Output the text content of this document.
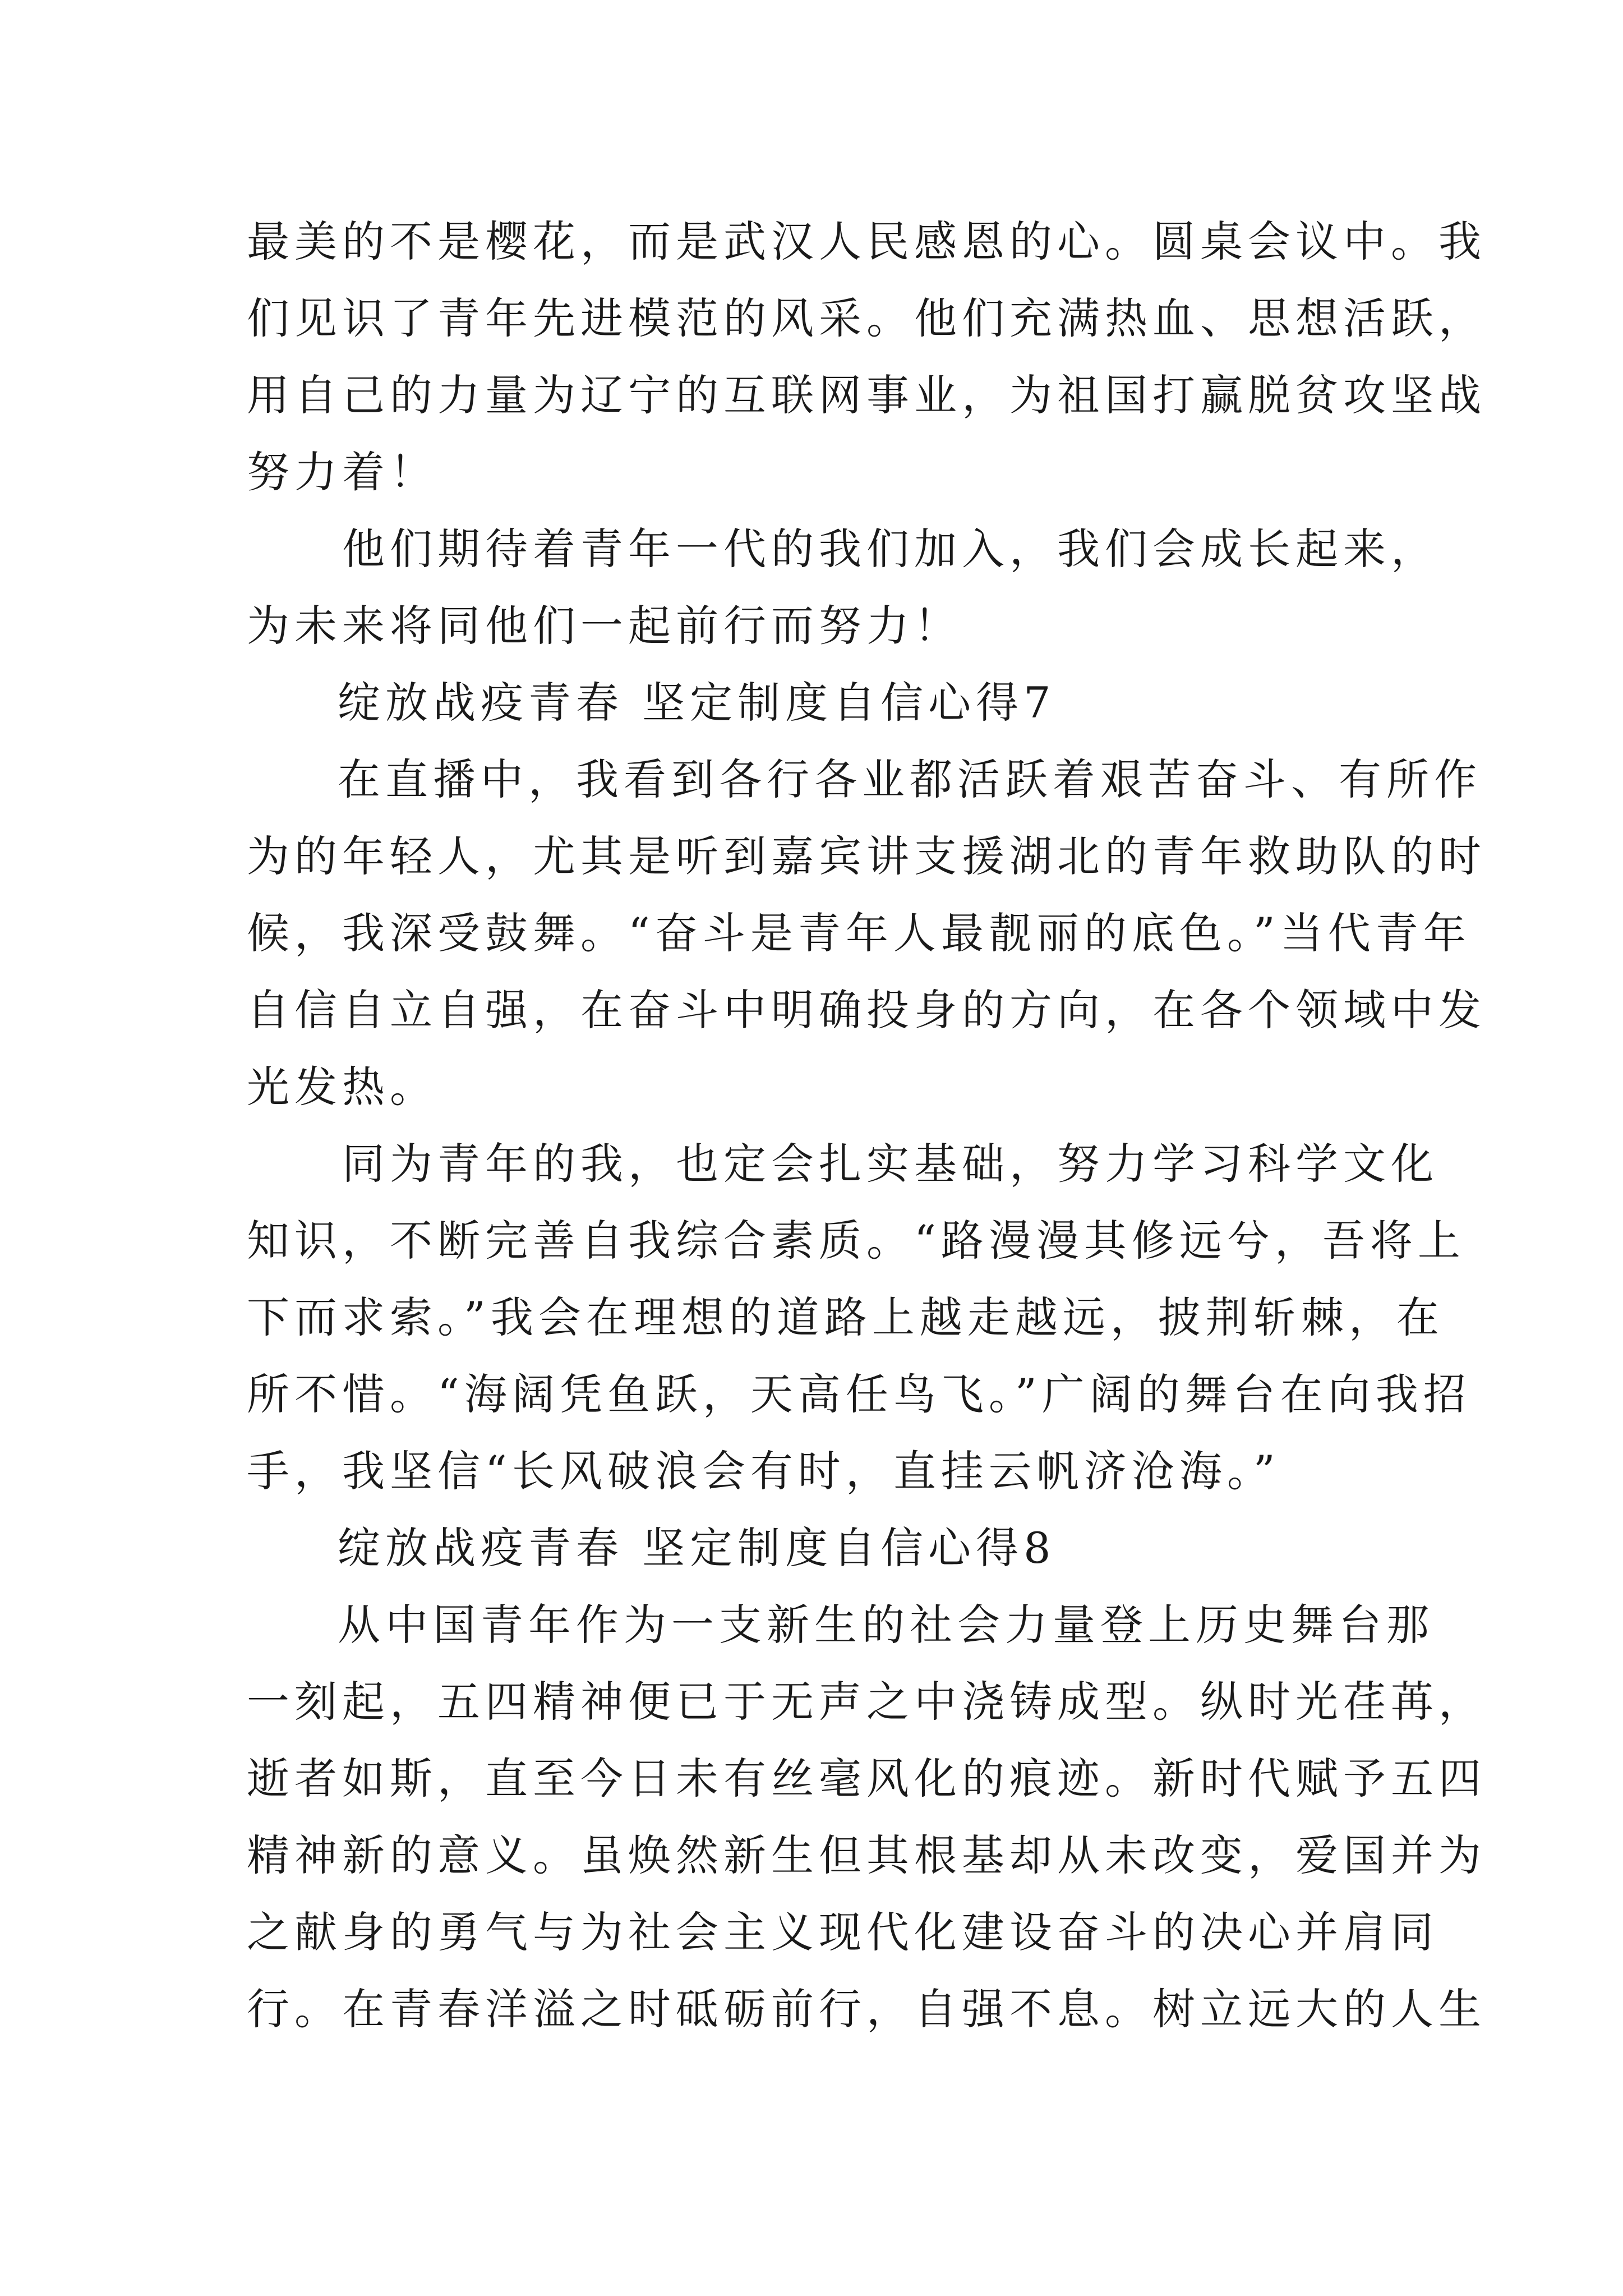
最美的不是樱花，而是武汉人民感恩的心。圆桌会议中。我
们见识了青年先进模范的风采。他们充满热血、思想活跃，
用自己的力量为辽宁的互联网事业，为祖国打赢脱贫攻坚战
努力着！
他们期待着青年一代的我们加入，我们会成长起来，
为未来将同他们一起前行而努力！
绽放战疫青春 坚定制度自信心得7
在直播中，我看到各行各业都活跃着艰苦奋斗、有所作
为的年轻人，尤其是听到嘉宾讲支援湖北的青年救助队的时
候，我深受鼓舞。“奋斗是青年人最靓丽的底色。”当代青年
自信自立自强，在奋斗中明确投身的方向，在各个领域中发
光发热。
同为青年的我，也定会扎实基础，努力学习科学文化
知识，不断完善自我综合素质。“路漫漫其修远兮，吾将上
下而求索。”我会在理想的道路上越走越远，披荆斩棘，在
所不惜。“海阔凭鱼跃，天高任鸟飞。”广阔的舞台在向我招
手，我坚信“长风破浪会有时，直挂云帆济沧海。”
绽放战疫青春 坚定制度自信心得8
从中国青年作为一支新生的社会力量登上历史舞台那
一刻起，五四精神便已于无声之中浇铸成型。纵时光荏苒，
逝者如斯，直至今日未有丝毫风化的痕迹。新时代赋予五四
精神新的意义。虽焕然新生但其根基却从未改变，爱国并为
之献身的勇气与为社会主义现代化建设奋斗的决心并肩同
行。在青春洋溢之时砥砺前行，自强不息。树立远大的人生
